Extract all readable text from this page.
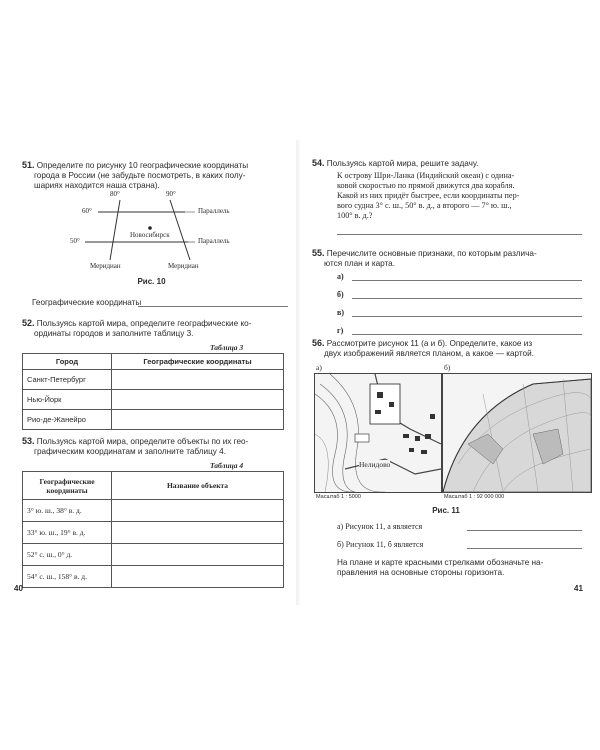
51. Определите по рисунку 10 географические координаты
города в России (не забудьте посмотреть, в каких полу-
шариях находится наша страна).
80°	90°
60°
50°
Новосибирск
Параллель
Параллель
Меридиан	Меридиан
Рис. 10
Географические координаты
52. Пользуясь картой мира, определите географические ко-
ординаты городов и заполните таблицу 3.
Таблица 3
Город	Географические координаты
Санкт-Петербург	
Нью-Йорк	
Рио-де-Жанейро	
53. Пользуясь картой мира, определите объекты по их гео-
графическим координатам и заполните таблицу 4.
Таблица 4
Географические
координаты	Название объекта
3° ю. ш., 38° в. д.	
33° ю. ш., 19° в. д.	
52° с. ш., 0° д.	
54° с. ш., 158° в. д.	
40
54. Пользуясь картой мира, решите задачу.
К острову Шри-Ланка (Индийский океан) с одина-
ковой скоростью по прямой движутся два корабля.
Какой из них придёт быстрее, если координаты пер-
вого судна 3° с. ш., 50° в. д., а второго — 7° ю. ш.,
100° в. д.?
55. Перечислите основные признаки, по которым различа-
ются план и карта.
а)
б)
в)
г)
56. Рассмотрите рисунок 11 (а и б). Определите, какое из
двух изображений является планом, а какое — картой.
а)	б)
Нелидово
Масштаб 1 : 5000	Масштаб 1 : 92 000 000
Рис. 11
а) Рисунок 11, а является
б) Рисунок 11, б является
На плане и карте красными стрелками обозначьте на-
правления на основные стороны горизонта.
41
